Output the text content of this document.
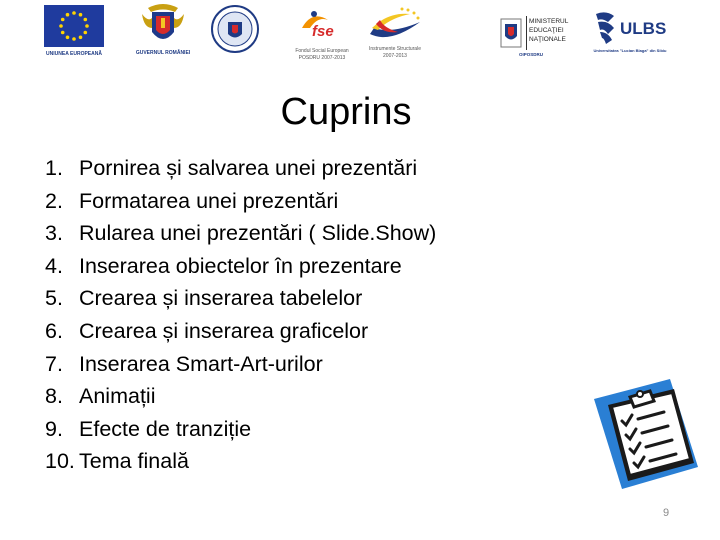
UNIUNEA EUROPEANĂ	GUVERNUL ROMÂNIEI
fse
Fondul Social European
POSDRU 2007-2013
Instrumente Structurale
2007-2013
MINISTERUL
EDUCAŢIEI
NAŢIONALE
OIPOSDRU
ULBS
Universitatea "Lucian Blaga" din Sibiu
Cuprins
1. Pornirea și salvarea unei prezentări
2. Formatarea unei prezentări
3. Rularea unei prezentări ( Slide.Show)
4. Inserarea obiectelor în prezentare
5. Crearea și inserarea tabelelor
6. Crearea și inserarea graficelor
7. Inserarea Smart-Art-urilor
8. Animații
9. Efecte de tranziție
10. Tema finală
9
